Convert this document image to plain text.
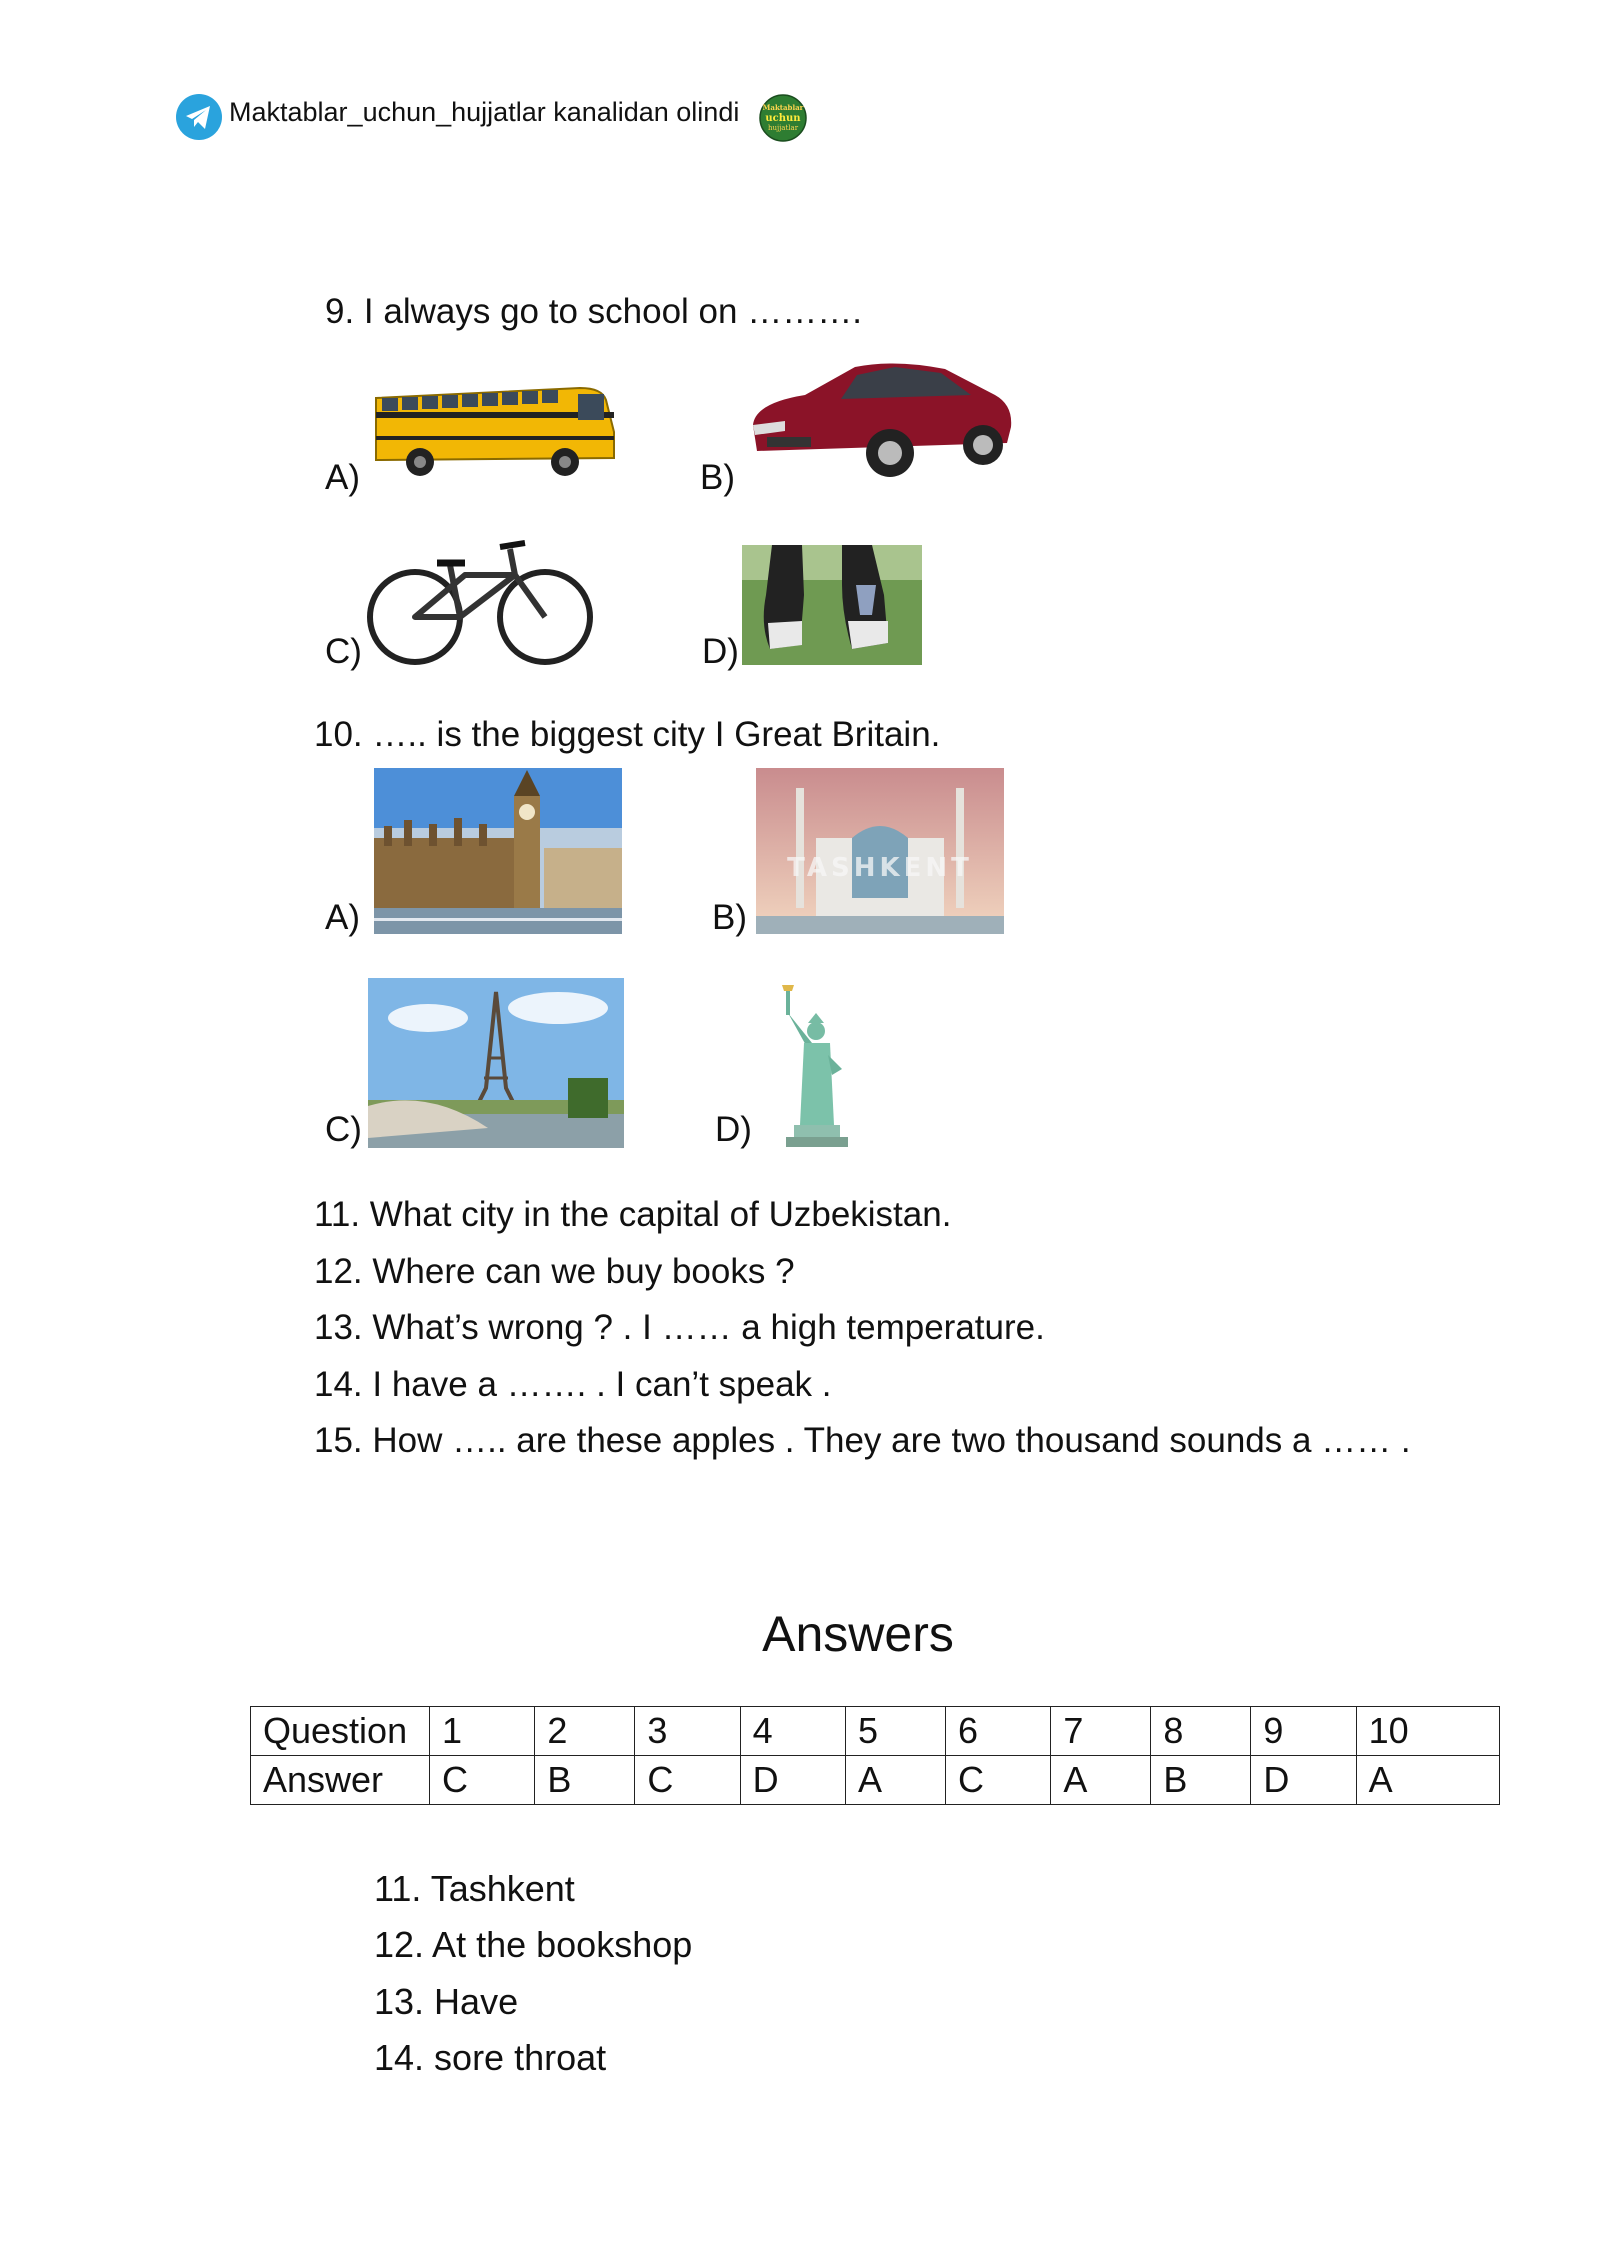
Maktablar_uchun_hujjatlar kanalidan olindi	Maktablar
uchun
hujjatlar
9. I always go to school on ……….
A)	B)
C)	D)
10. ….. is the biggest city I Great Britain.
A)	B)
TASHKENT
C)	D)
11. What city in the capital of Uzbekistan.
12. Where can we buy books ?
13. What’s wrong ? . I …… a high temperature.
14. I have a ……. . I can’t speak .
15. How ….. are these apples . They are two thousand sounds a …… .
Answers
Question	1	2	3	4	5	6	7	8	9	10
Answer	C	B	C	D	A	C	A	B	D	A
11. Tashkent
12. At the bookshop
13. Have
14. sore throat
